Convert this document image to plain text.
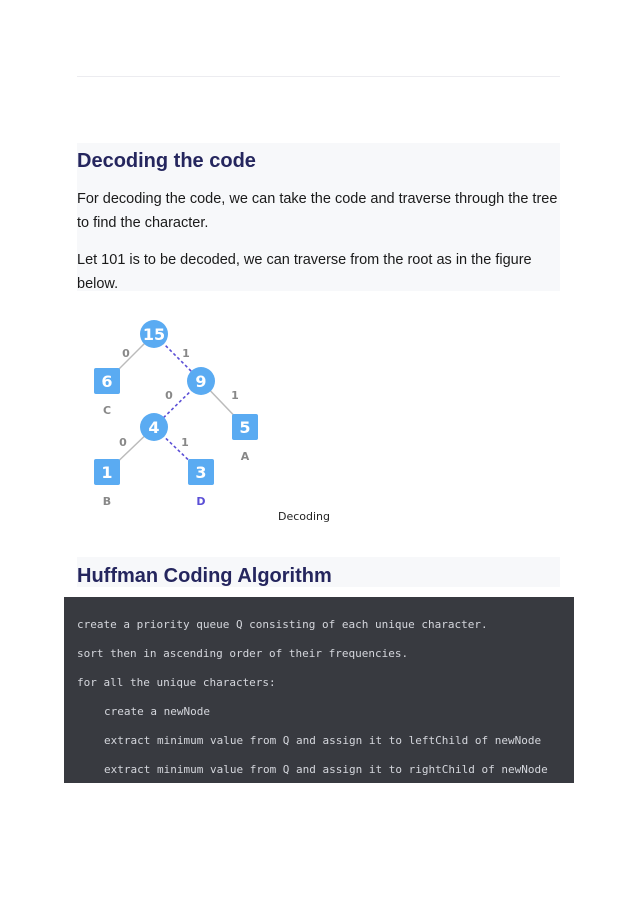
Decoding the code

For decoding the code, we can take the code and traverse through the tree to find the character.

Let 101 is to be decoded, we can traverse from the root as in the figure below.

0	1
0	1
0	1
15
6
C
9
4	5
A
1
B
3
D
Decoding
Huffman Coding Algorithm
create a priority queue Q consisting of each unique character.
sort then in ascending order of their frequencies.
for all the unique characters:
create a newNode
extract minimum value from Q and assign it to leftChild of newNode
extract minimum value from Q and assign it to rightChild of newNode
